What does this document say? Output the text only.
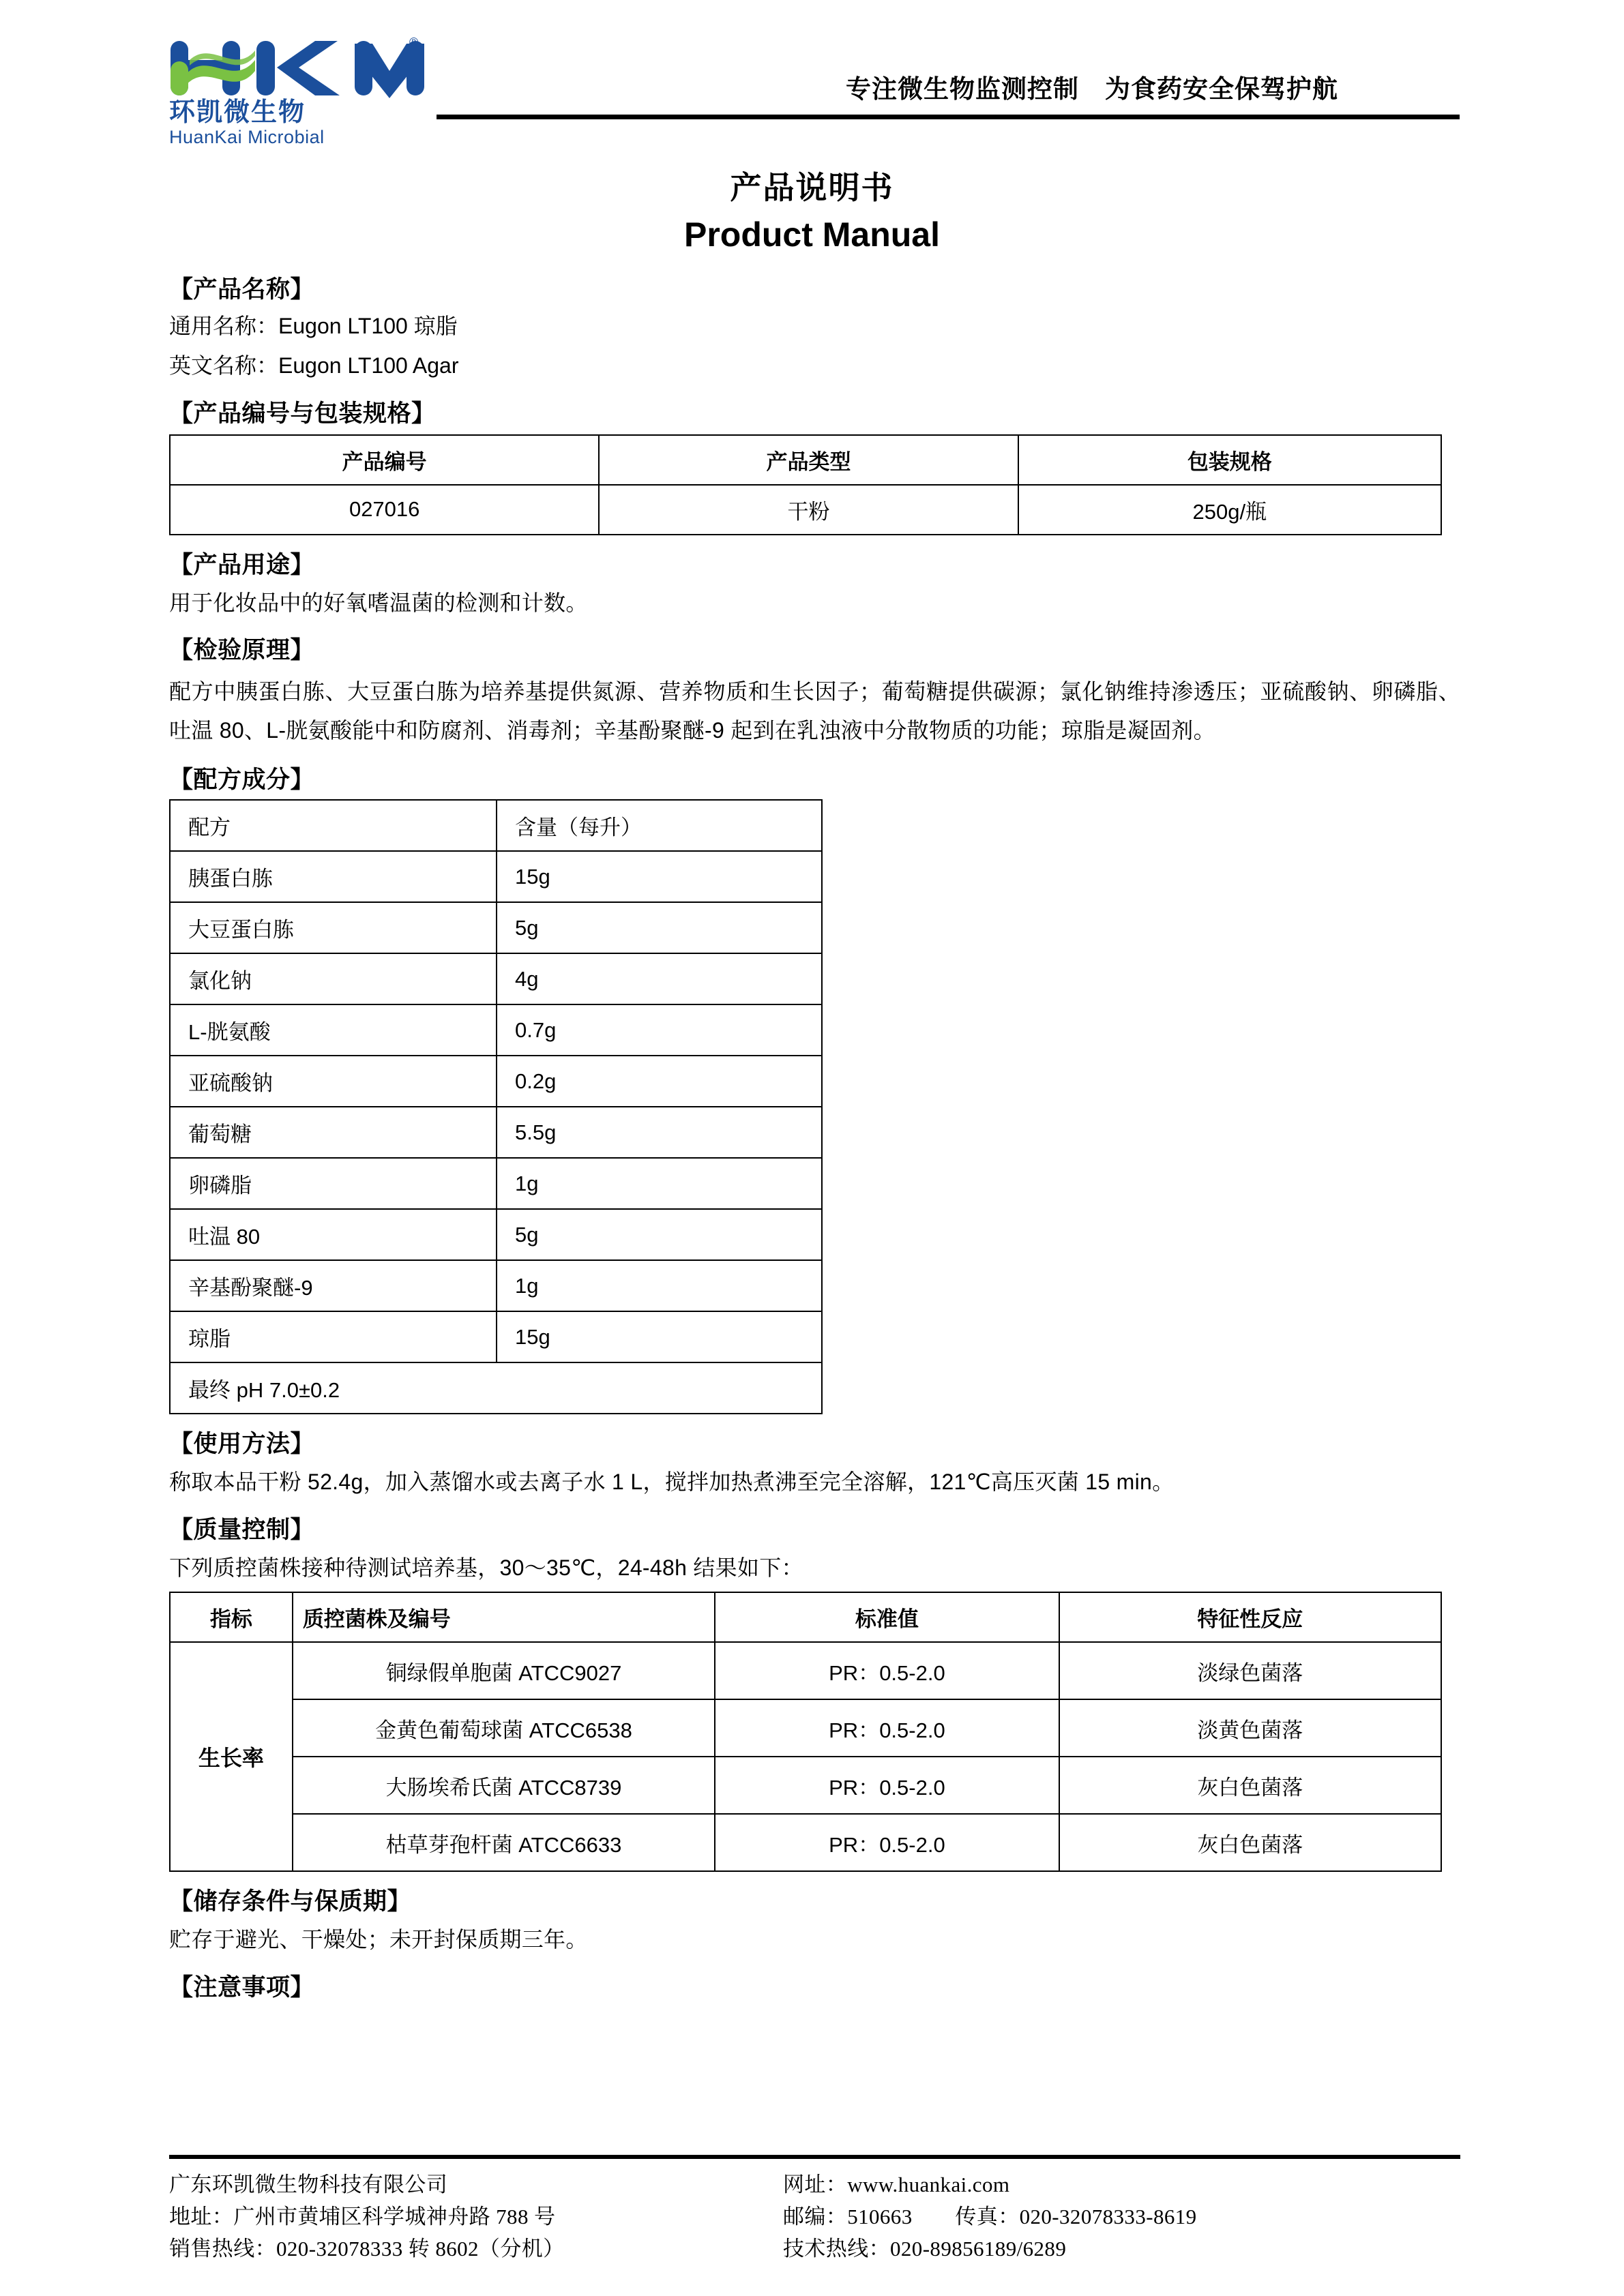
®
环凯微生物
HuanKai Microbial
专注微生物监测控制　为食药安全保驾护航
产品说明书
Product Manual
【产品名称】
通用名称：Eugon LT100 琼脂
英文名称：Eugon LT100 Agar
【产品编号与包装规格】
产品编号	产品类型	包装规格
027016	干粉	250g/瓶
【产品用途】
用于化妆品中的好氧嗜温菌的检测和计数。
【检验原理】
配方中胰蛋白胨、大豆蛋白胨为培养基提供氮源、营养物质和生长因子；葡萄糖提供碳源；氯化钠维持渗透压；亚硫酸钠、卵磷脂、吐温 80、L-胱氨酸能中和防腐剂、消毒剂；辛基酚聚醚-9 起到在乳浊液中分散物质的功能；琼脂是凝固剂。
【配方成分】
配方	含量（每升）
胰蛋白胨	15g
大豆蛋白胨	5g
氯化钠	4g
L-胱氨酸	0.7g
亚硫酸钠	0.2g
葡萄糖	5.5g
卵磷脂	1g
吐温 80	5g
辛基酚聚醚-9	1g
琼脂	15g
最终 pH 7.0±0.2	
【使用方法】
称取本品干粉 52.4g，加入蒸馏水或去离子水 1 L，搅拌加热煮沸至完全溶解，121℃高压灭菌 15 min。
【质量控制】
下列质控菌株接种待测试培养基，30～35℃，24-48h 结果如下：
指标	质控菌株及编号	标准值	特征性反应
生长率	铜绿假单胞菌 ATCC9027	PR：0.5-2.0	淡绿色菌落
	金黄色葡萄球菌 ATCC6538	PR：0.5-2.0	淡黄色菌落
	大肠埃希氏菌 ATCC8739	PR：0.5-2.0	灰白色菌落
	枯草芽孢杆菌 ATCC6633	PR：0.5-2.0	灰白色菌落
【储存条件与保质期】
贮存于避光、干燥处；未开封保质期三年。
【注意事项】
广东环凯微生物科技有限公司
地址：广州市黄埔区科学城神舟路 788 号
销售热线：020-32078333 转 8602（分机）
网址：www.huankai.com
邮编：510663　　传真：020-32078333-8619
技术热线：020-89856189/6289
